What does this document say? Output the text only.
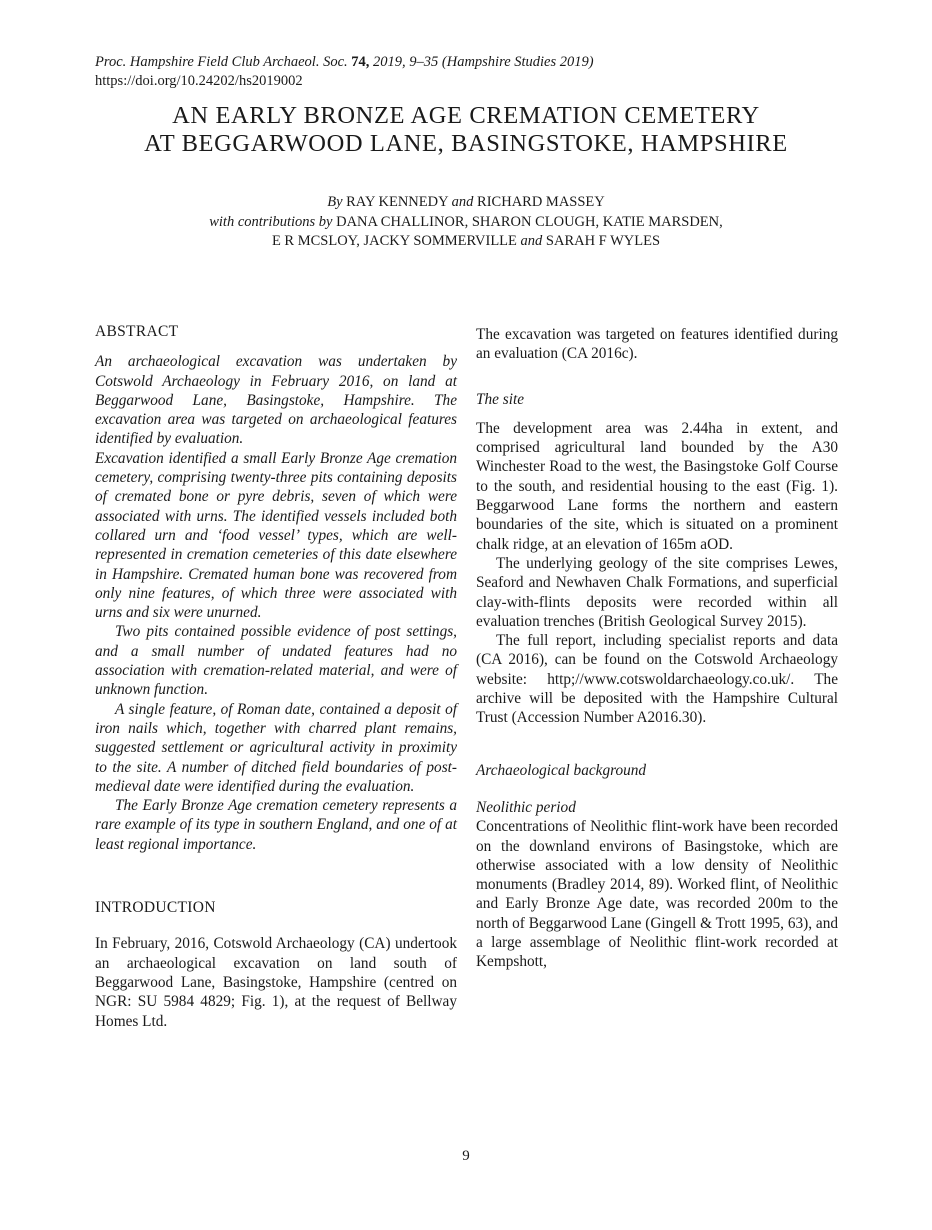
Proc. Hampshire Field Club Archaeol. Soc. 74, 2019, 9–35 (Hampshire Studies 2019)
https://doi.org/10.24202/hs2019002
AN EARLY BRONZE AGE CREMATION CEMETERY
AT BEGGARWOOD LANE, BASINGSTOKE, HAMPSHIRE
By RAY KENNEDY and RICHARD MASSEY
with contributions by DANA CHALLINOR, SHARON CLOUGH, KATIE MARSDEN,
E R MCSLOY, JACKY SOMMERVILLE and SARAH F WYLES

ABSTRACT

An archaeological excavation was undertaken by Cotswold Archaeology in February 2016, on land at Beggarwood Lane, Basingstoke, Hampshire. The excavation area was targeted on archaeological features identified by evaluation.

Excavation identified a small Early Bronze Age cremation cemetery, comprising twenty-three pits containing deposits of cremated bone or pyre debris, seven of which were associated with urns. The identified vessels included both collared urn and ‘food vessel’ types, which are well-represented in cremation cemeteries of this date elsewhere in Hampshire. Cremated human bone was recovered from only nine features, of which three were associated with urns and six were unurned.

Two pits contained possible evidence of post settings, and a small number of undated features had no association with cremation-related material, and were of unknown function.

A single feature, of Roman date, contained a deposit of iron nails which, together with charred plant remains, suggested settlement or agricultural activity in proximity to the site. A number of ditched field boundaries of post-medieval date were identified during the evaluation.

The Early Bronze Age cremation cemetery represents a rare example of its type in southern England, and one of at least regional importance.

INTRODUCTION

In February, 2016, Cotswold Archaeology (CA) undertook an archaeological excavation on land south of Beggarwood Lane, Basingstoke, Hampshire (centred on NGR: SU 5984 4829; Fig. 1), at the request of Bellway Homes Ltd.

The excavation was targeted on features identified during an evaluation (CA 2016c).

The site

The development area was 2.44ha in extent, and comprised agricultural land bounded by the A30 Winchester Road to the west, the Basingstoke Golf Course to the south, and residential housing to the east (Fig. 1). Beggarwood Lane forms the northern and eastern boundaries of the site, which is situated on a prominent chalk ridge, at an elevation of 165m aOD.

The underlying geology of the site comprises Lewes, Seaford and Newhaven Chalk Formations, and superficial clay-with-flints deposits were recorded within all evaluation trenches (British Geological Survey 2015).

The full report, including specialist reports and data (CA 2016), can be found on the Cotswold Archaeology website: http;//www.cotswoldarchaeology.co.uk/. The archive will be deposited with the Hampshire Cultural Trust (Accession Number A2016.30).

Archaeological background

Neolithic period

Concentrations of Neolithic flint-work have been recorded on the downland environs of Basingstoke, which are otherwise associated with a low density of Neolithic monuments (Bradley 2014, 89). Worked flint, of Neolithic and Early Bronze Age date, was recorded 200m to the north of Beggarwood Lane (Gingell & Trott 1995, 63), and a large assemblage of Neolithic flint-work recorded at Kempshott,

9
